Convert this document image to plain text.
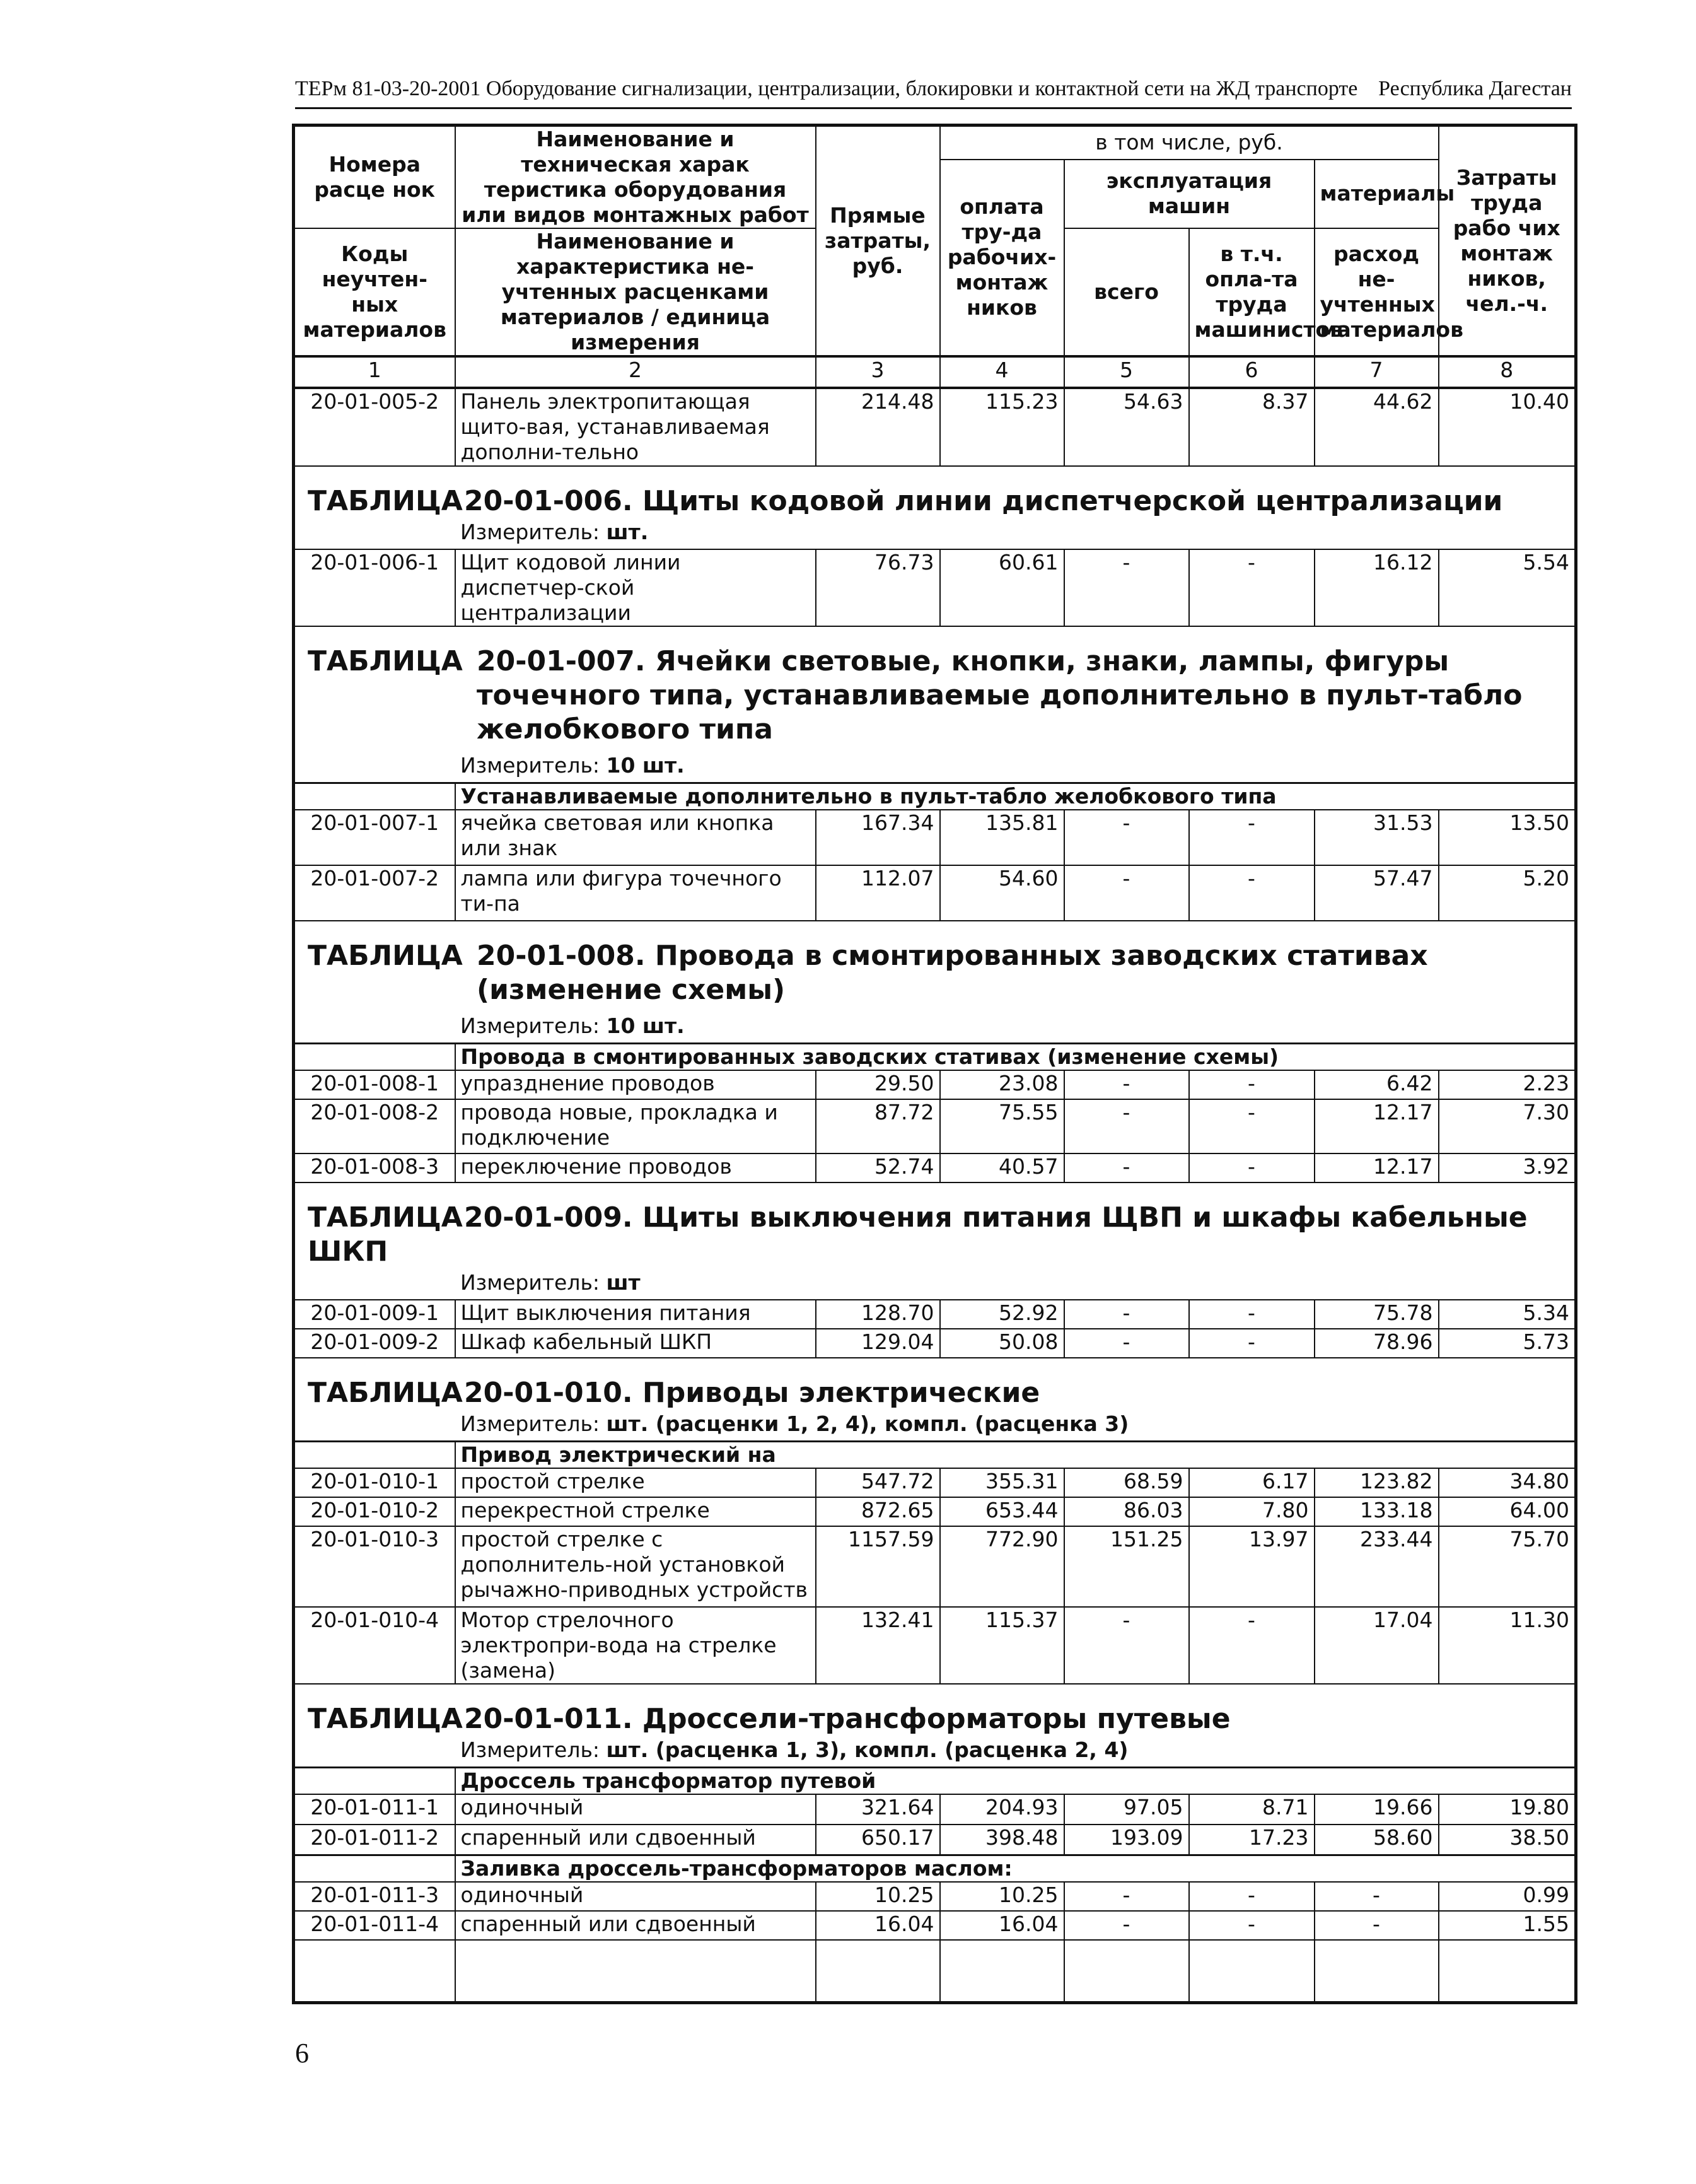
ТЕРм 81-03-20-2001 Оборудование сигнализации, централизации, блокировки и контактной сети на ЖД транспорте Республика Дагестан
Номера расце нок	Наименование и техническая харак теристика оборудования или видов монтажных работ	Прямые затраты, руб.	в том числе, руб.				Затраты труда рабо чих монтаж ников, чел.-ч.
			оплата тру-да рабочих-монтаж ников	эксплуатация машин		материалы	
Коды неучтен-ных материалов	Наименование и характеристика не-учтенных расценками материалов / единица измерения			всего	в т.ч. опла-та труда машинистов	расход не-учтенных материалов	

1	2	3	4	5	6	7	8
20-01-005-2	Панель электропитающая щито-вая, устанавливаемая дополни-тельно	214.48	115.23	54.63	8.37	44.62	10.40

ТАБЛИЦА20-01-006. Щиты кодовой линии диспетчерской централизации
Измеритель: шт.							

20-01-006-1	Щит кодовой линии диспетчер-ской централизации	76.73	60.61	-	-	16.12	5.54

ТАБЛИЦА 20-01-007. Ячейки световые, кнопки, знаки, лампы, фигуры точечного типа, устанавливаемые дополнительно в пульт-табло желобкового типа
Измеритель: 10 шт.							

	Устанавливаемые дополнительно в пульт-табло желобкового типа						
20-01-007-1	ячейка световая или кнопка или знак	167.34	135.81	-	-	31.53	13.50
20-01-007-2	лампа или фигура точечного ти-па	112.07	54.60	-	-	57.47	5.20

ТАБЛИЦА 20-01-008. Провода в смонтированных заводских стативах (изменение схемы)
Измеритель: 10 шт.							

	Провода в смонтированных заводских стативах (изменение схемы)						
20-01-008-1	упразднение проводов	29.50	23.08	-	-	6.42	2.23
20-01-008-2	провода новые, прокладка и подключение	87.72	75.55	-	-	12.17	7.30
20-01-008-3	переключение проводов	52.74	40.57	-	-	12.17	3.92

ТАБЛИЦА20-01-009. Щиты выключения питания ЩВП и шкафы кабельные ШКП
Измеритель: шт							

20-01-009-1	Щит выключения питания	128.70	52.92	-	-	75.78	5.34
20-01-009-2	Шкаф кабельный ШКП	129.04	50.08	-	-	78.96	5.73

ТАБЛИЦА20-01-010. Приводы электрические
Измеритель: шт. (расценки 1, 2, 4), компл. (расценка 3)							

	Привод электрический на						
20-01-010-1	простой стрелке	547.72	355.31	68.59	6.17	123.82	34.80
20-01-010-2	перекрестной стрелке	872.65	653.44	86.03	7.80	133.18	64.00
20-01-010-3	простой стрелке с дополнитель-ной установкой рычажно-приводных устройств	1157.59	772.90	151.25	13.97	233.44	75.70
20-01-010-4	Мотор стрелочного электропри-вода на стрелке (замена)	132.41	115.37	-	-	17.04	11.30

ТАБЛИЦА20-01-011. Дроссели-трансформаторы путевые
Измеритель: шт. (расценка 1, 3), компл. (расценка 2, 4)							

	Дроссель трансформатор путевой						
20-01-011-1	одиночный	321.64	204.93	97.05	8.71	19.66	19.80
20-01-011-2	спаренный или сдвоенный	650.17	398.48	193.09	17.23	58.60	38.50
	Заливка дроссель-трансформаторов маслом:						
20-01-011-3	одиночный	10.25	10.25	-	-	-	0.99
20-01-011-4	спаренный или сдвоенный	16.04	16.04	-	-	-	1.55

6
